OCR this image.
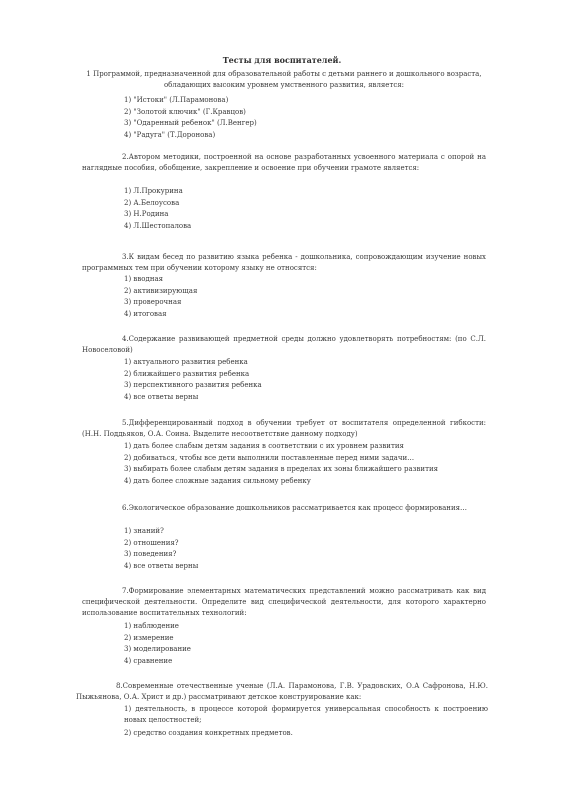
Тесты для воспитателей.
1 Программой, предназначенной для образовательной работы с детьми раннего и дошкольного возраста, обладающих высоким уровнем умственного развития, является:
1) "Истоки" (Л.Парамонова)
2) "Золотой ключик" (Г.Кравцов)
3) "Одаренный ребенок" (Л.Венгер)
4) "Радуга" (Т.Доронова)
2.Автором методики, построенной на основе разработанных усвоенного материала с опорой на наглядные пособия, обобщение, закрепление и освоение при обучении грамоте является:
1) Л.Прокурина
2) А.Белоусова
3) Н.Родина
4) Л.Шестопалова
3.К видам бесед по развитию языка ребенка - дошкольника, сопровождающим изучение новых программных тем при обучении которому языку не относятся:
1) вводная
2) активизирующая
3) проверочная
4) итоговая
4.Содержание развивающей предметной среды должно удовлетворять потребностям: (по С.Л. Новоселовой)
1) актуального развития ребенка
2) ближайшего развития ребенка
3) перспективного развития ребенка
4) все ответы верны
5.Дифференцированный подход в обучении требует от воспитателя определенной гибкости: (Н.Н. Поддьяков, О.А. Соина. Выделите несоответствие данному подходу)
1) дать более слабым детям задания в соответствии с их уровнем развития
2) добиваться, чтобы все дети выполнили поставленные перед ними задачи…
3) выбирать более слабым детям задания в пределах их зоны ближайшего развития
4) дать более сложные задания сильному ребенку
6.Экологическое образование дошкольников рассматривается как процесс формирования…
1) знаний?
2) отношения?
3) поведения?
4) все ответы верны
7.Формирование элементарных математических представлений можно рассматривать как вид специфической деятельности. Определите вид специфической деятельности, для которого характерно использование воспитательных технологий:
1) наблюдение
2) измерение
3) моделирование
4) сравнение
8.Современные отечественные ученые (Л.А. Парамонова, Г.В. Урадовских, О.А Сафронова, Н.Ю. Пыжьянова, О.А. Христ и др.) рассматривают детское конструирование как:
1) деятельность, в процессе которой формируется универсальная способность к построению новых целостностей;
2) средство создания конкретных предметов.
